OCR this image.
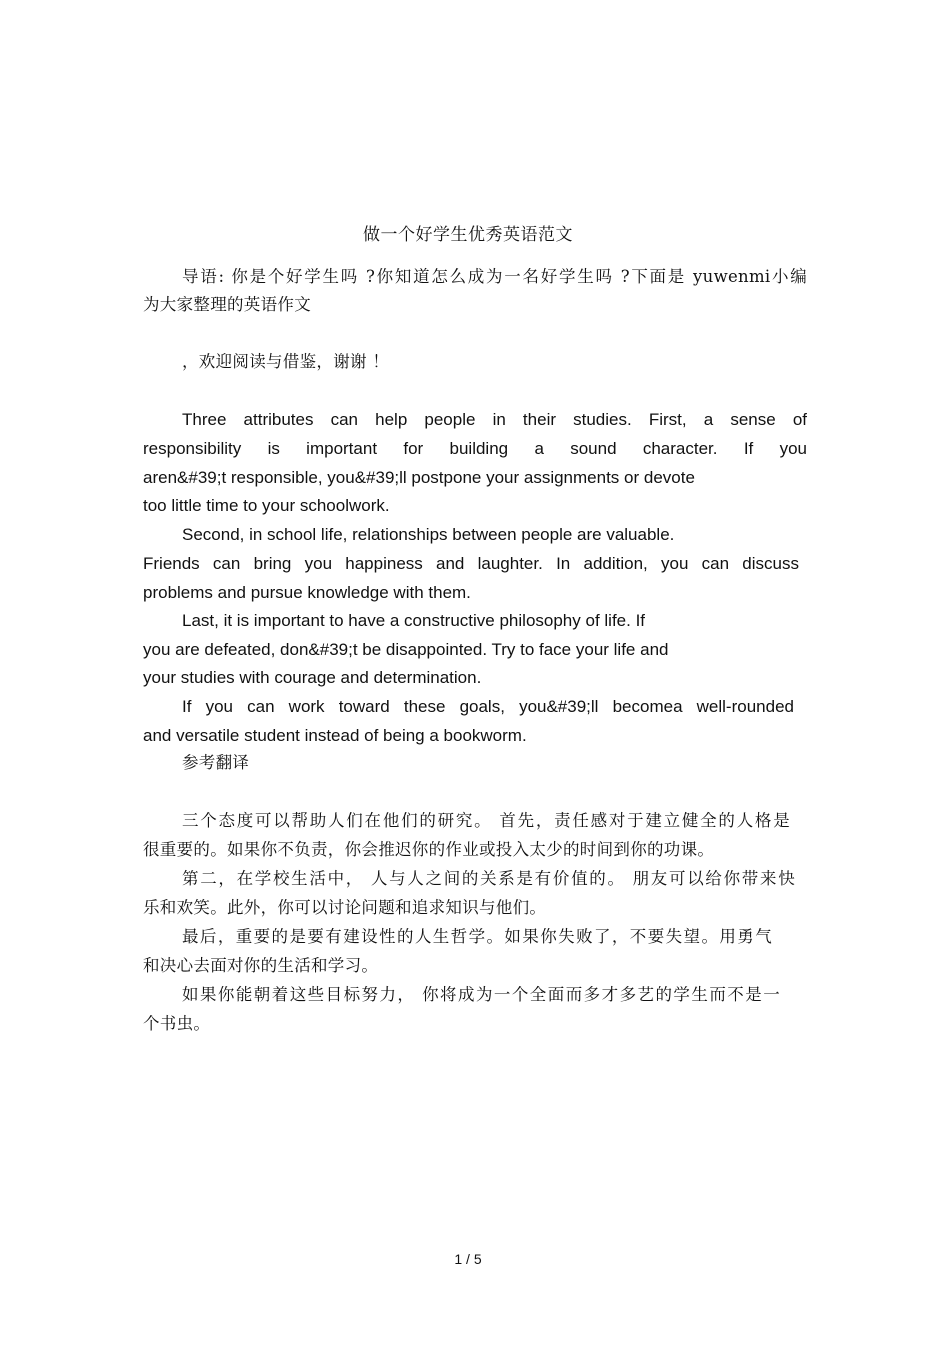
做一个好学生优秀英语范文
导语: 你是个好学生吗 ?你知道怎么成为一名好学生吗 ?下面是 yuwenmi小编
为大家整理的英语作文
，欢迎阅读与借鉴，谢谢 ！
Three attributes can help people in their studies. First, a sense of
responsibility is important for building a sound character. If you
aren&#39;t responsible, you&#39;ll postpone your assignments or devote
too little time to your schoolwork.
Second, in school life, relationships between people are valuable.
Friends can bring you happiness and laughter. In addition, you can discuss
problems and pursue knowledge with them.
Last, it is important to have a constructive philosophy of life. If
you are defeated, don&#39;t be disappointed. Try to face your life and
your studies with courage and determination.
If you can work toward these goals, you&#39;ll becomea well-rounded
and versatile student instead of being a bookworm.
参考翻译
三个态度可以帮助人们在他们的研究。 首先，责任感对于建立健全的人格是
很重要的。如果你不负责，你会推迟你的作业或投入太少的时间到你的功课。
第二，在学校生活中， 人与人之间的关系是有价值的。 朋友可以给你带来快
乐和欢笑。此外，你可以讨论问题和追求知识与他们。
最后，重要的是要有建设性的人生哲学。如果你失败了，不要失望。用勇气
和决心去面对你的生活和学习。
如果你能朝着这些目标努力， 你将成为一个全面而多才多艺的学生而不是一
个书虫。
1 / 5
